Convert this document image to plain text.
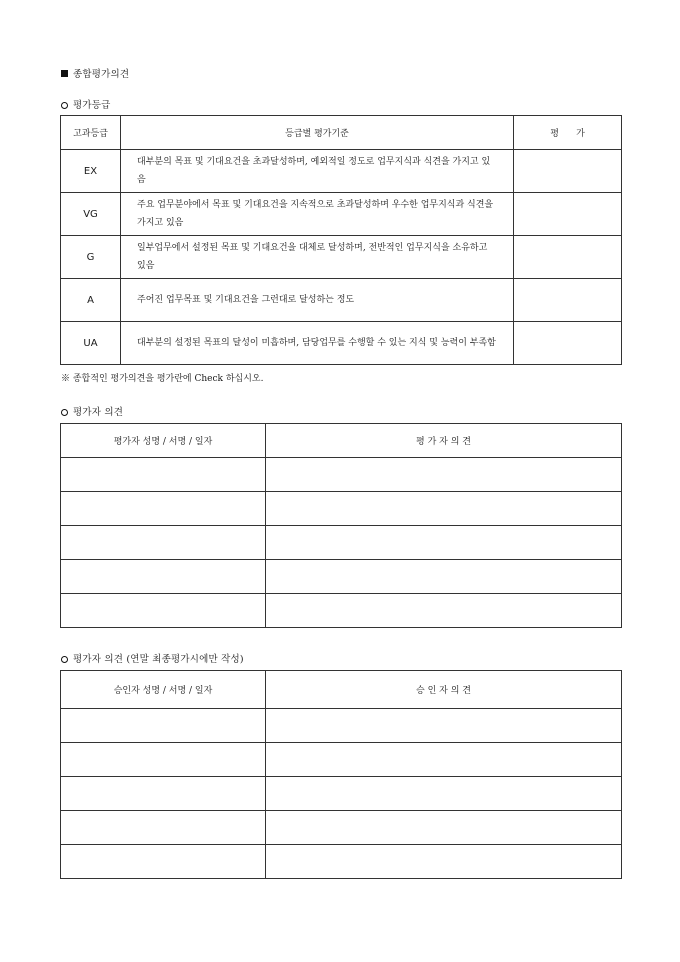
종합평가의견
평가등급
고과등급	등급별 평가기준	평      가
EX	대부분의 목표 및 기대요건을 초과달성하며, 예외적일 정도로 업무지식과 식견을 가지고 있음	
VG	주요 업무분야에서 목표 및 기대요건을 지속적으로 초과달성하며 우수한 업무지식과 식견을 가지고 있음	
G	일부업무에서 설정된 목표 및 기대요건을 대체로 달성하며, 전반적인 업무지식을 소유하고 있음	
A	주어진 업무목표 및 기대요건을 그런대로 달성하는 정도	
UA	대부분의 설정된 목표의 달성이 미흡하며, 담당업무를 수행할 수 있는 지식 및 능력이 부족함	
※ 종합적인 평가의견을 평가란에 Check 하십시오.
평가자 의견
평가자 성명 / 서명 / 일자	평 가 자 의 견

평가자 의견 (연말 최종평가시에만 작성)
승인자 성명 / 서명 / 일자	승 인 자 의 견
